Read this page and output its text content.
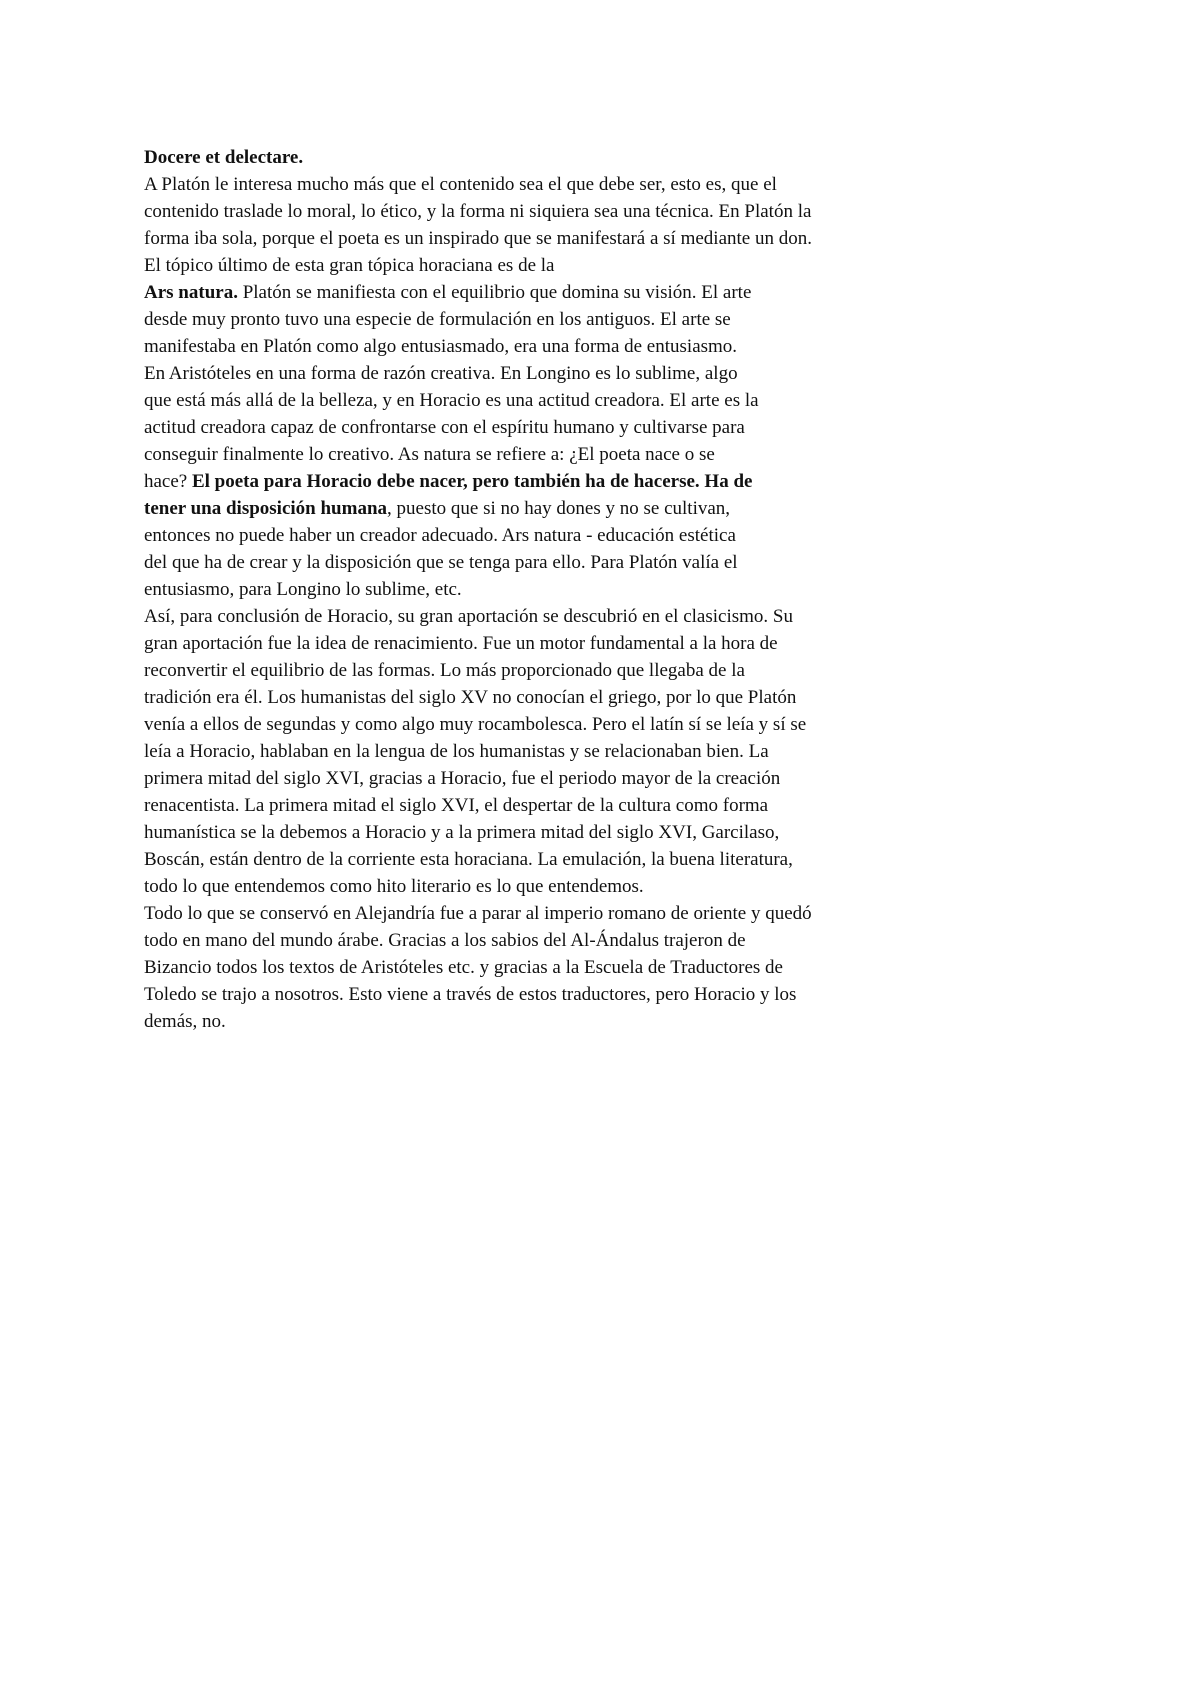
Docere et delectare.
A Platón le interesa mucho más que el contenido sea el que debe ser, esto es, que el
contenido traslade lo moral, lo ético, y la forma ni siquiera sea una técnica. En Platón la
forma iba sola, porque el poeta es un inspirado que se manifestará a sí mediante un don.
El tópico último de esta gran tópica horaciana es de la
Ars natura. Platón se manifiesta con el equilibrio que domina su visión. El arte
desde muy pronto tuvo una especie de formulación en los antiguos. El arte se
manifestaba en Platón como algo entusiasmado, era una forma de entusiasmo.
En Aristóteles en una forma de razón creativa. En Longino es lo sublime, algo
que está más allá de la belleza, y en Horacio es una actitud creadora. El arte es la
actitud creadora capaz de confrontarse con el espíritu humano y cultivarse para
conseguir finalmente lo creativo. As natura se refiere a: ¿El poeta nace o se
hace? El poeta para Horacio debe nacer, pero también ha de hacerse. Ha de
tener una disposición humana, puesto que si no hay dones y no se cultivan,
entonces no puede haber un creador adecuado. Ars natura - educación estética
del que ha de crear y la disposición que se tenga para ello. Para Platón valía el
entusiasmo, para Longino lo sublime, etc.
Así, para conclusión de Horacio, su gran aportación se descubrió en el clasicismo. Su
gran aportación fue la idea de renacimiento. Fue un motor fundamental a la hora de
reconvertir el equilibrio de las formas. Lo más proporcionado que llegaba de la
tradición era él. Los humanistas del siglo XV no conocían el griego, por lo que Platón
venía a ellos de segundas y como algo muy rocambolesca. Pero el latín sí se leía y sí se
leía a Horacio, hablaban en la lengua de los humanistas y se relacionaban bien. La
primera mitad del siglo XVI, gracias a Horacio, fue el periodo mayor de la creación
renacentista. La primera mitad el siglo XVI, el despertar de la cultura como forma
humanística se la debemos a Horacio y a la primera mitad del siglo XVI, Garcilaso,
Boscán, están dentro de la corriente esta horaciana. La emulación, la buena literatura,
todo lo que entendemos como hito literario es lo que entendemos.
Todo lo que se conservó en Alejandría fue a parar al imperio romano de oriente y quedó
todo en mano del mundo árabe. Gracias a los sabios del Al-Ándalus trajeron de
Bizancio todos los textos de Aristóteles etc. y gracias a la Escuela de Traductores de
Toledo se trajo a nosotros. Esto viene a través de estos traductores, pero Horacio y los
demás, no.
